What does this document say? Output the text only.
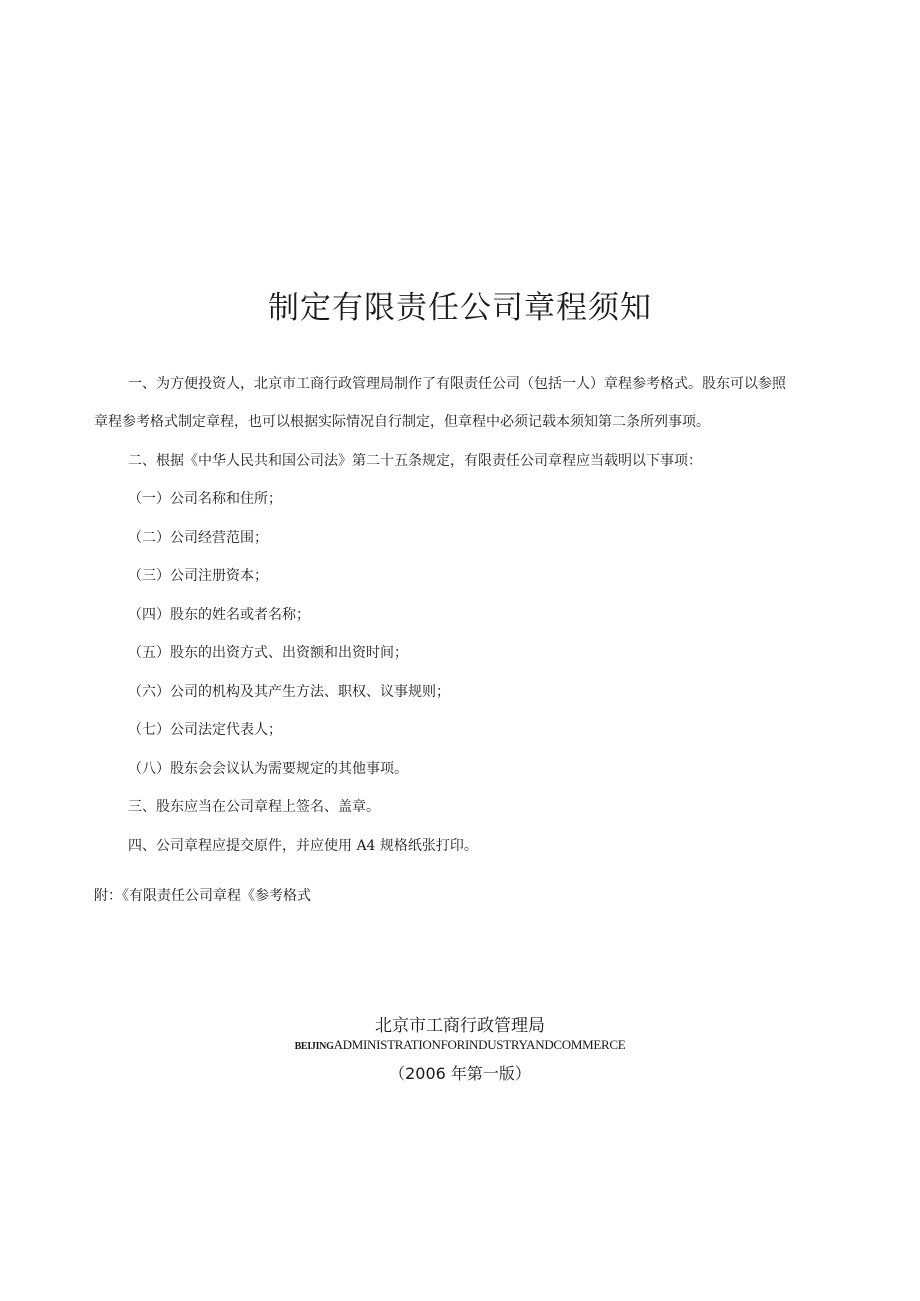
制定有限责任公司章程须知

一、为方便投资人，北京市工商行政管理局制作了有限责任公司（包括一人）章程参考格式。股东可以参照

章程参考格式制定章程，也可以根据实际情况自行制定，但章程中必须记载本须知第二条所列事项。

二、根据《中华人民共和国公司法》第二十五条规定，有限责任公司章程应当载明以下事项：

（一）公司名称和住所；

（二）公司经营范围；

（三）公司注册资本；

（四）股东的姓名或者名称；

（五）股东的出资方式、出资额和出资时间；

（六）公司的机构及其产生方法、职权、议事规则；

（七）公司法定代表人；

（八）股东会会议认为需要规定的其他事项。

三、股东应当在公司章程上签名、盖章。

四、公司章程应提交原件，并应使用 A4 规格纸张打印。

附：《有限责任公司章程《参考格式

北京市工商行政管理局

BEIJINGADMINISTRATIONFORINDUSTRYANDCOMMERCE

（2006 年第一版）
